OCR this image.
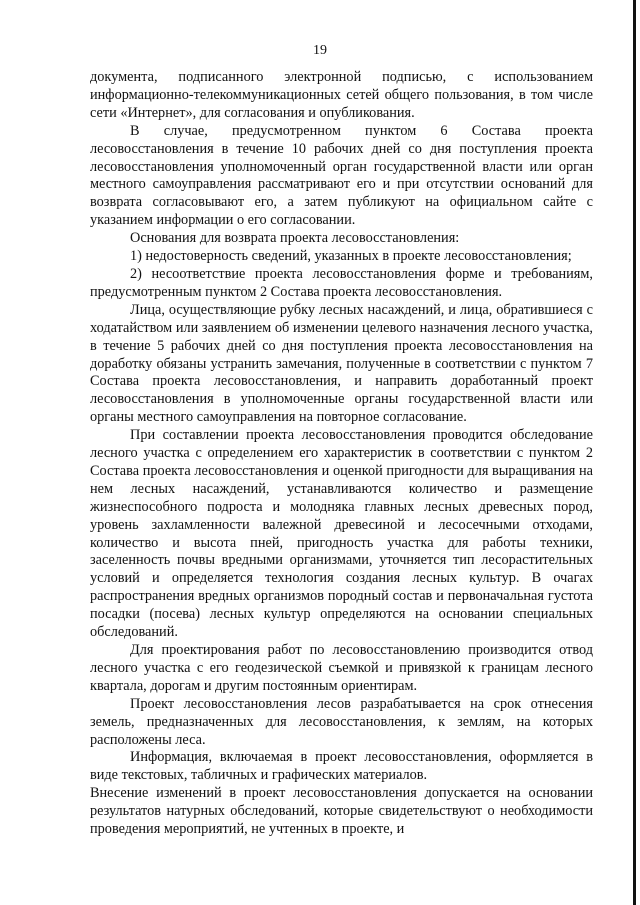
19

документа, подписанного электронной подписью, с использованием информационно-телекоммуникационных сетей общего пользования, в том числе сети «Интернет», для согласования и опубликования.

В случае, предусмотренном пунктом 6 Состава проекта лесовосстановления в течение 10 рабочих дней со дня поступления проекта лесовосстановления уполномоченный орган государственной власти или орган местного самоуправления рассматривают его и при отсутствии оснований для возврата согласовывают его, а затем публикуют на официальном сайте с указанием информации о его согласовании.

Основания для возврата проекта лесовосстановления:

1) недостоверность сведений, указанных в проекте лесовосстановления;

2) несоответствие проекта лесовосстановления форме и требованиям, предусмотренным пунктом 2 Состава проекта лесовосстановления.

Лица, осуществляющие рубку лесных насаждений, и лица, обратившиеся с ходатайством или заявлением об изменении целевого назначения лесного участка, в течение 5 рабочих дней со дня поступления проекта лесовосстановления на доработку обязаны устранить замечания, полученные в соответствии с пунктом 7 Состава проекта лесовосстановления, и направить доработанный проект лесовосстановления в уполномоченные органы государственной власти или органы местного самоуправления на повторное согласование.

При составлении проекта лесовосстановления проводится обследование лесного участка с определением его характеристик в соответствии с пунктом 2 Состава проекта лесовосстановления и оценкой пригодности для выращивания на нем лесных насаждений, устанавливаются количество и размещение жизнеспособного подроста и молодняка главных лесных древесных пород, уровень захламленности валежной древесиной и лесосечными отходами, количество и высота пней, пригодность участка для работы техники, заселенность почвы вредными организмами, уточняется тип лесорастительных условий и определяется технология создания лесных культур. В очагах распространения вредных организмов породный состав и первоначальная густота посадки (посева) лесных культур определяются на основании специальных обследований.

Для проектирования работ по лесовосстановлению производится отвод лесного участка с его геодезической съемкой и привязкой к границам лесного квартала, дорогам и другим постоянным ориентирам.

Проект лесовосстановления лесов разрабатывается на срок отнесения земель, предназначенных для лесовосстановления, к землям, на которых расположены леса.

Информация, включаемая в проект лесовосстановления, оформляется в виде текстовых, табличных и графических материалов.

Внесение изменений в проект лесовосстановления допускается на основании результатов натурных обследований, которые свидетельствуют о необходимости проведения мероприятий, не учтенных в проекте, и
